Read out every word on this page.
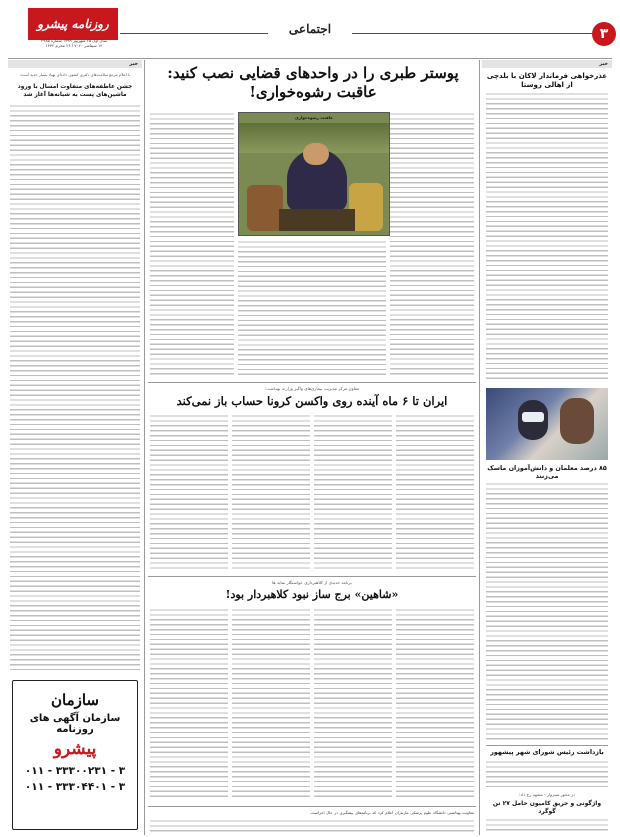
۳
اجتماعی
روزنامه پیشرو
سال اول ۲۵ شهریور ۱۳۹۹ شماره ۳۹۸۵
۱۴ سپتامبر ۲۰۲۰ / ۲۶ محرم ۱۴۴۲
خبر
عذرخواهی فرماندار لاکان با بلدچی از اهالی روستا
۸۵ درصد معلمان و دانش‌آموزان ماسک می‌زنند
بازداشت رئیس شورای شهر پیشهور
در محور سبزوار - مشهد رخ داد:
واژگونی و حریق کامیون حامل ۲۷ تن گوگرد
پوستر طبری را در واحدهای قضایی نصب کنید: عاقبت رشوه‌خواری!
عاقبت رشوه‌خواری
معاون مرکز مدیریت بیماری‌های واگیر وزارت بهداشت:
ایران تا ۶ ماه آینده روی واکسن کرونا حساب باز نمی‌کند
برنامه جدیدی از کلاهبرداری خواستگار نمایه ها
«شاهین» برج ساز نبود کلاهبردار بود!
معاونت بهداشتی دانشگاه علوم پزشکی مازندران اعلام کرد که برنامه‌های پیشگیری در حال اجراست.
خبر
با اعلام مرجع سلامت‌های دکتری کشور، داده‌ای پهپاد بسیار جدید است:
جشن عاطفه‌های متفاوت امسال با ورود ماشین‌های پست به شبانه‌ها آغاز شد
سازمان
سازمان آگهی های روزنامه
پیشرو
۰۱۱ - ۳۳۳۰۰۲۳۱ - ۳
۰۱۱ - ۳۳۳۰۴۴۰۱ - ۳
